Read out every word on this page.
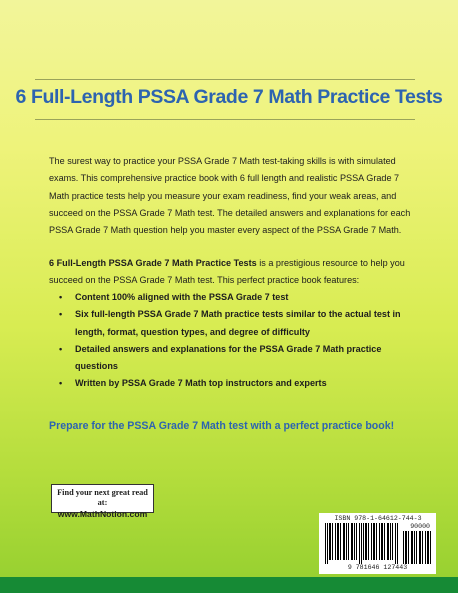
6 Full-Length PSSA Grade 7 Math Practice Tests

The surest way to practice your PSSA Grade 7 Math test-taking skills is with simulated exams. This comprehensive practice book with 6 full length and realistic PSSA Grade 7 Math practice tests help you measure your exam readiness, find your weak areas, and succeed on the PSSA Grade 7 Math test. The detailed answers and explanations for each PSSA Grade 7 Math question help you master every aspect of the PSSA Grade 7 Math.

6 Full-Length PSSA Grade 7 Math Practice Tests is a prestigious resource to help you succeed on the PSSA Grade 7 Math test. This perfect practice book features:

• Content 100% aligned with the PSSA Grade 7 test
• Six full-length PSSA Grade 7 Math practice tests similar to the actual test in length, format, question types, and degree of difficulty
• Detailed answers and explanations for the PSSA Grade 7 Math practice questions
• Written by PSSA Grade 7 Math top instructors and experts
Prepare for the PSSA Grade 7 Math test with a perfect practice book!
Find your next great read at:
www.MathNotion.com	ISBN 978-1-64612-744-3
90000
9 781646 127443
